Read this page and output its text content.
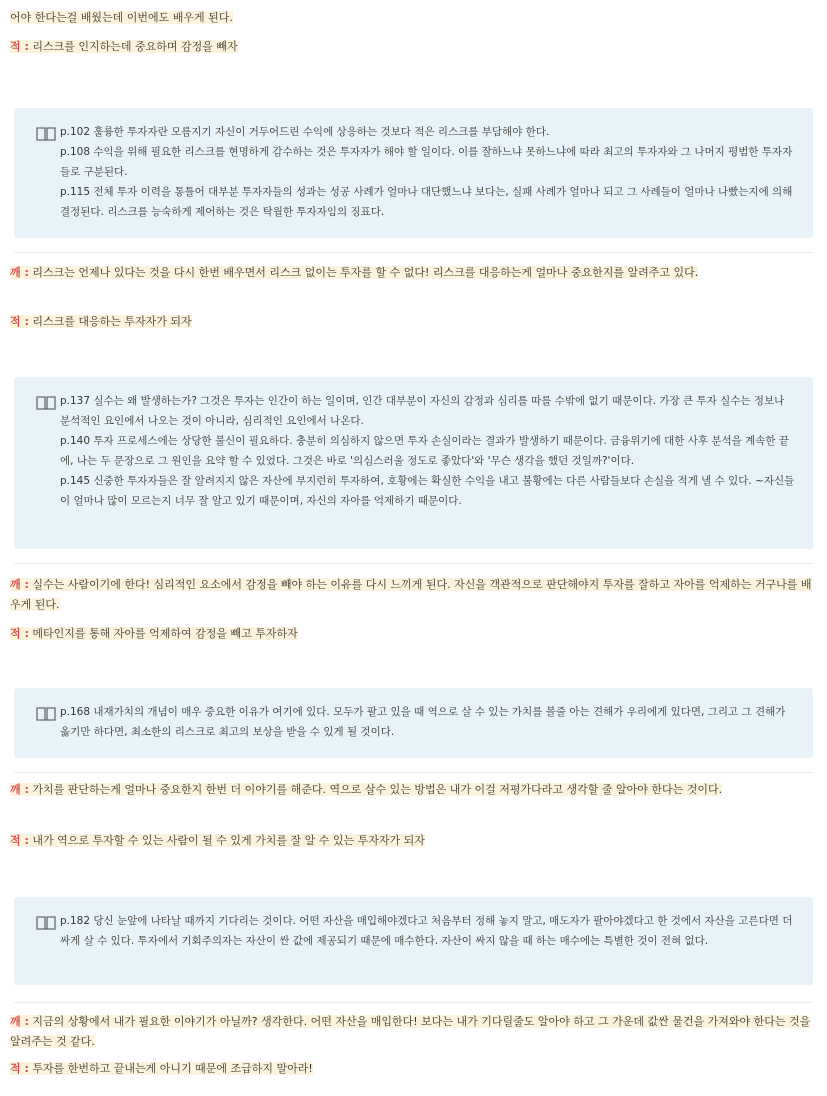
어야 한다는걸 배웠는데 이번에도 배우게 된다.
적 : 리스크를 인지하는데 중요하며 감정을 빼자
p.102 훌륭한 투자자란 모름지기 자신이 거두어드린 수익에 상응하는 것보다 적은 리스크를 부담해야 한다.
p.108 수익을 위해 필요한 리스크를 현명하게 감수하는 것은 투자자가 해야 할 일이다. 이를 잘하느냐 못하느냐에 따라 최고의 투자자와 그 나머지 평범한 투자자들로 구분된다.
p.115 전체 투자 이력을 통틀어 대부분 투자자들의 성과는 성공 사례가 얼마나 대단했느냐 보다는, 실패 사례가 얼마나 되고 그 사례들이 얼마나 나빴는지에 의해 결정된다. 리스크를 능숙하게 제어하는 것은 탁월한 투자자임의 징표다.
깨 : 리스크는 언제나 있다는 것을 다시 한번 배우면서 리스크 없이는 투자를 할 수 없다! 리스크를 대응하는게 얼마나 중요한지를 알려주고 있다.
적 : 리스크를 대응하는 투자자가 되자
p.137 실수는 왜 발생하는가? 그것은 투자는 인간이 하는 일이며, 인간 대부분이 자신의 감정과 심리를 따를 수밖에 없기 때문이다. 가장 큰 투자 실수는 정보나 분석적인 요인에서 나오는 것이 아니라, 심리적인 요인에서 나온다.
p.140 투자 프로세스에는 상당한 불신이 필요하다. 충분히 의심하지 않으면 투자 손실이라는 결과가 발생하기 때문이다. 금융위기에 대한 사후 분석을 계속한 끝에, 나는 두 문장으로 그 원인을 요약 할 수 있었다. 그것은 바로 '의심스러울 정도로 좋았다'와 '무슨 생각을 했던 것일까?'이다.
p.145 신중한 투자자들은 잘 알려지지 않은 자산에 부지런히 투자하여, 호황에는 확실한 수익을 내고 불황에는 다른 사람들보다 손실을 적게 낼 수 있다. ~자신들이 얼마나 많이 모르는지 너무 잘 알고 있기 때문이며, 자신의 자아를 억제하기 때문이다.
깨 : 실수는 사람이기에 한다! 심리적인 요소에서 감정을 빼야 하는 이유를 다시 느끼게 된다. 자신을 객관적으로 판단해야지 투자를 잘하고 자아를 억제하는 거구나를 배우게 된다.
적 : 메타인지를 통해 자아를 억제하여 감정을 빼고 투자하자
p.168 내재가치의 개념이 매우 중요한 이유가 여기에 있다. 모두가 팔고 있을 때 역으로 살 수 있는 가치를 볼줄 아는 견해가 우리에게 있다면, 그리고 그 견해가 옳기만 하다면, 최소한의 리스크로 최고의 보상을 받을 수 있게 될 것이다.
깨 : 가치를 판단하는게 얼마나 중요한지 한번 더 이야기를 해준다. 역으로 살수 있는 방법은 내가 이걸 저평가다라고 생각할 줄 알아야 한다는 것이다.
적 : 내가 역으로 투자할 수 있는 사람이 될 수 있게 가치를 잘 알 수 있는 투자자가 되자
p.182 당신 눈앞에 나타날 때까지 기다리는 것이다. 어떤 자산을 매입해야겠다고 처음부터 정해 놓지 말고, 매도자가 팔아야겠다고 한 것에서 자산을 고른다면 더 싸게 살 수 있다. 투자에서 기회주의자는 자산이 싼 값에 제공되기 때문에 매수한다. 자산이 싸지 않을 때 하는 매수에는 특별한 것이 전혀 없다.
깨 : 지금의 상황에서 내가 필요한 이야기가 아닐까? 생각한다. 어떤 자산을 매입한다! 보다는 내가 기다릴줄도 알아야 하고 그 가운데 값싼 물건을 가져와야 한다는 것을 알려주는 것 같다.
적 : 투자를 한번하고 끝내는게 아니기 때문에 조급하지 말아라!
